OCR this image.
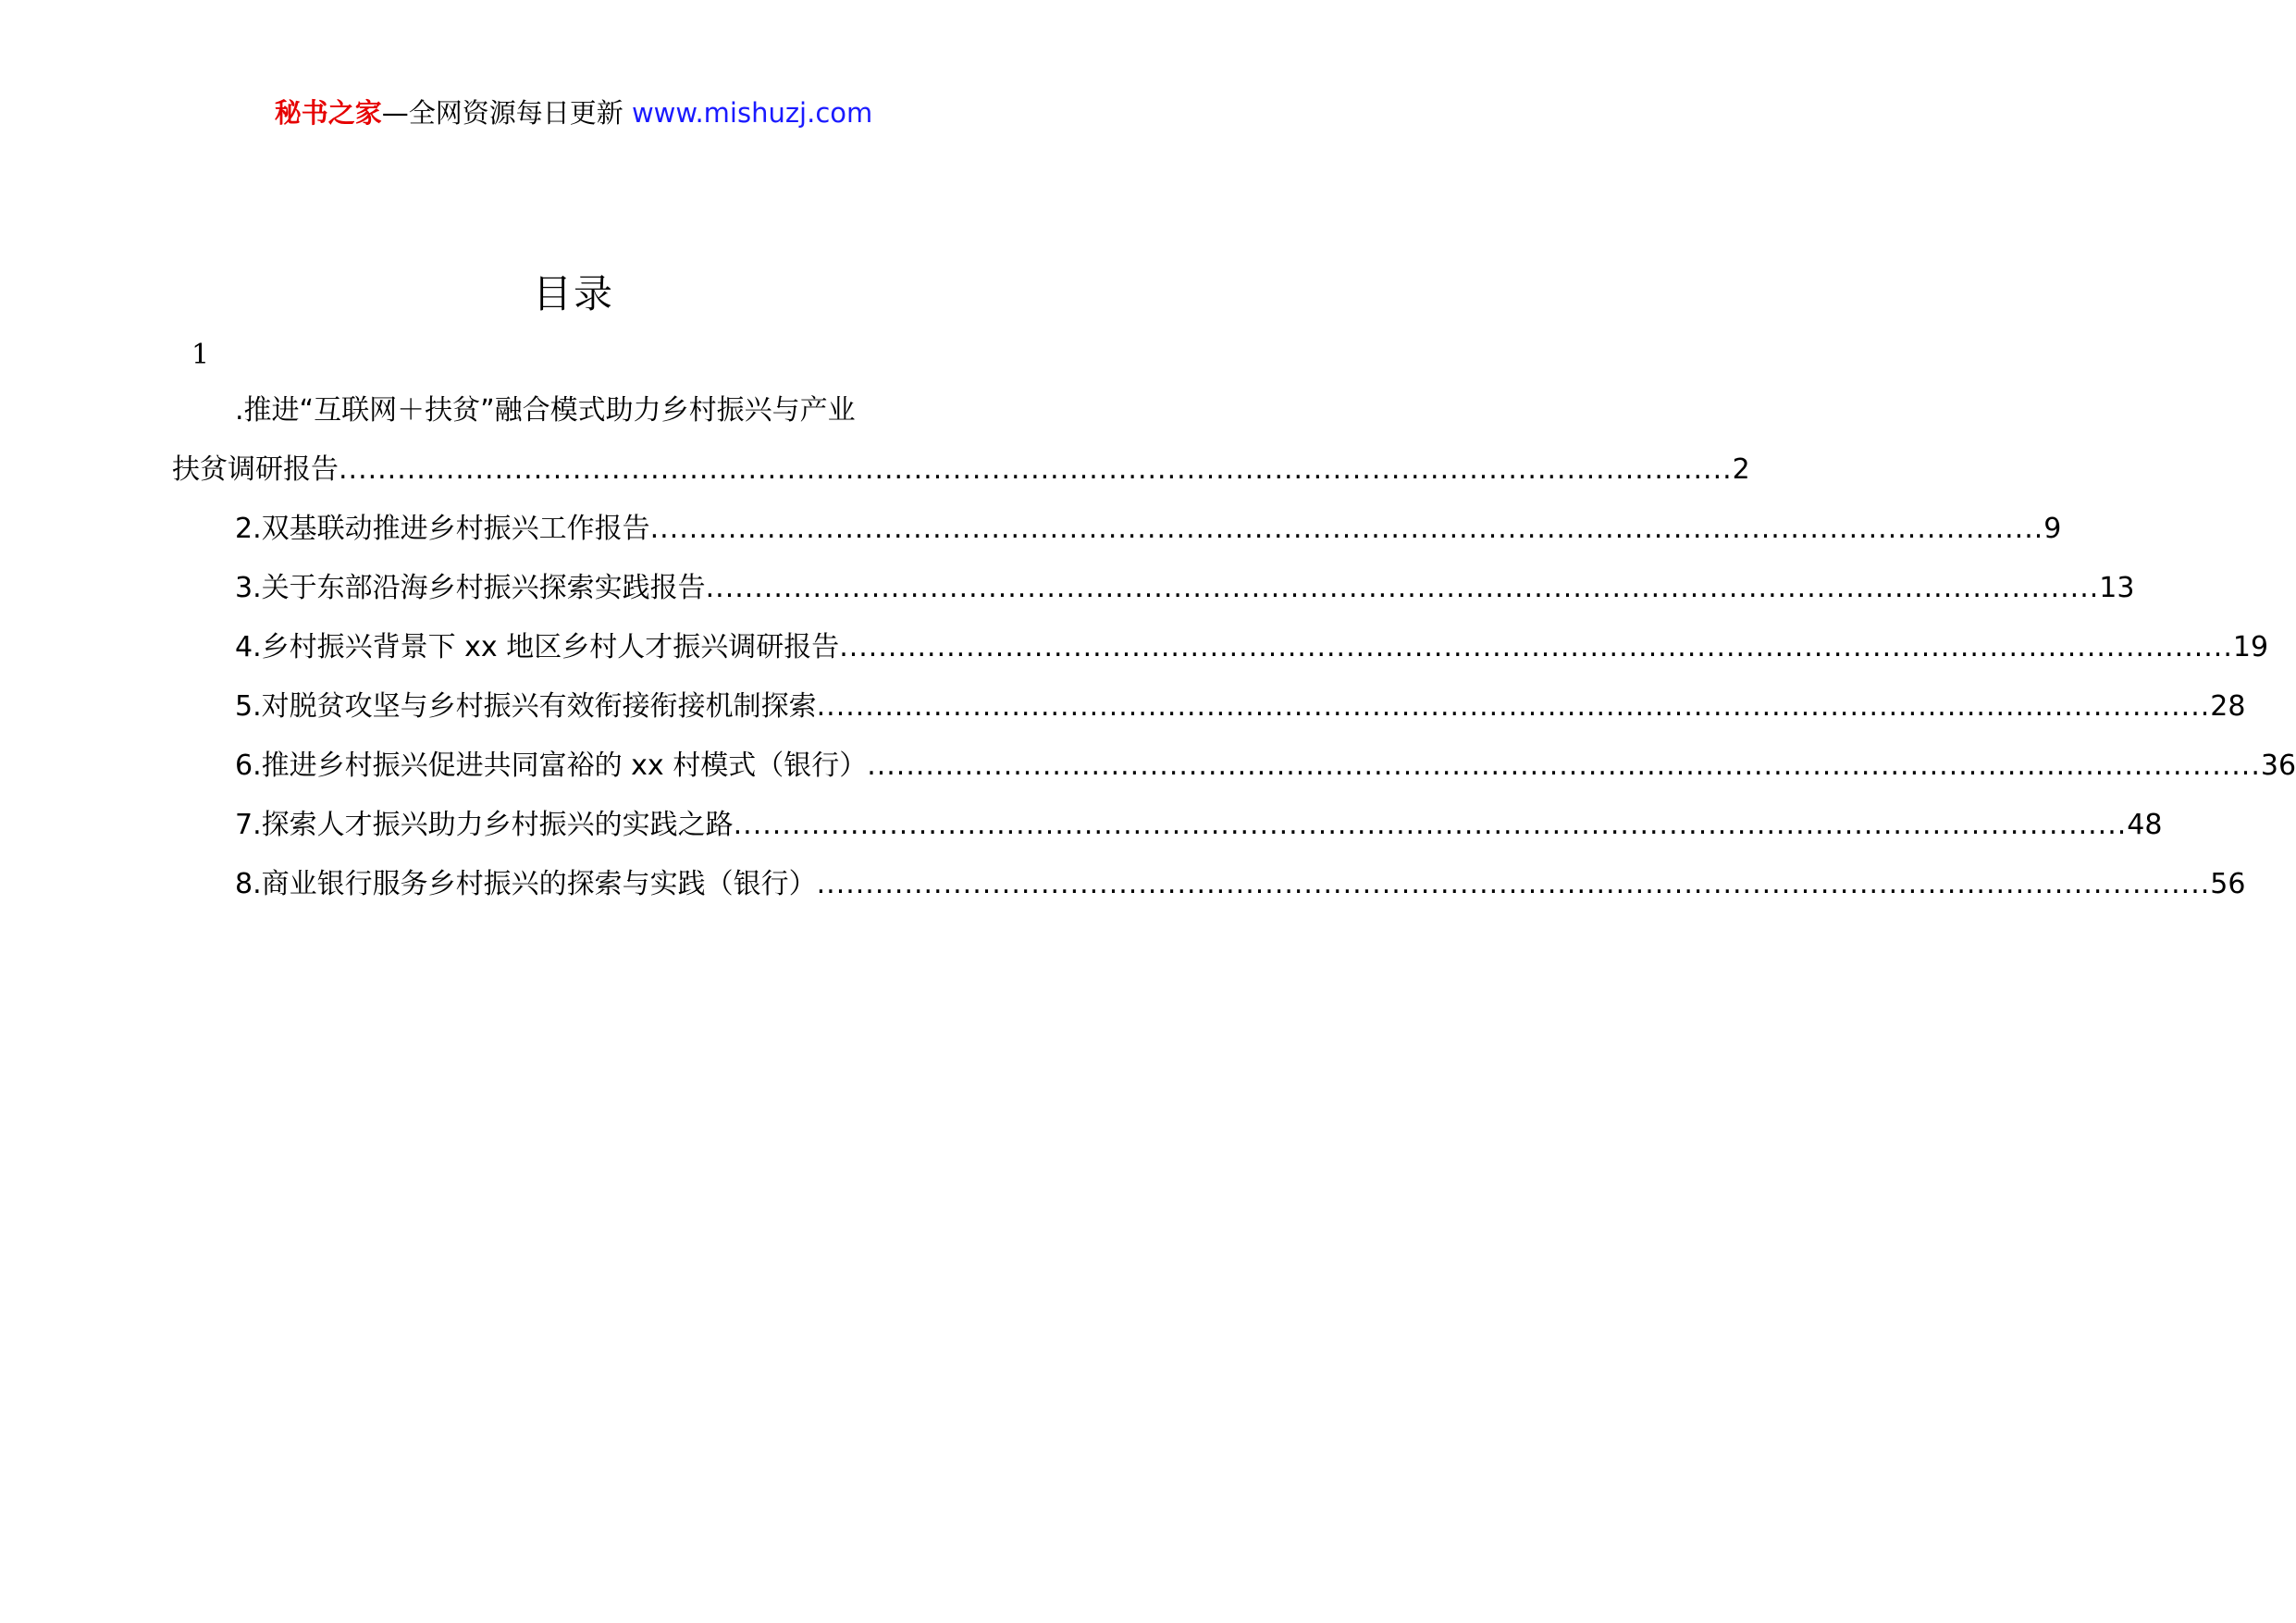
秘书之家—全网资源每日更新 www.mishuzj.com
目录
1
.推进“互联网＋扶贫”融合模式助力乡村振兴与产业
扶贫调研报告 ............................................................................................................................................... 2
2.双基联动推进乡村振兴工作报告 ............................................................................................................................................... 9
3.关于东部沿海乡村振兴探索实践报告 ............................................................................................................................................... 13
4.乡村振兴背景下 xx 地区乡村人才振兴调研报告 ............................................................................................................................................... 19
5.对脱贫攻坚与乡村振兴有效衔接衔接机制探索 ............................................................................................................................................... 28
6.推进乡村振兴促进共同富裕的 xx 村模式（银行） ............................................................................................................................................... 36
7.探索人才振兴助力乡村振兴的实践之路 ............................................................................................................................................... 48
8.商业银行服务乡村振兴的探索与实践（银行） ............................................................................................................................................... 56
